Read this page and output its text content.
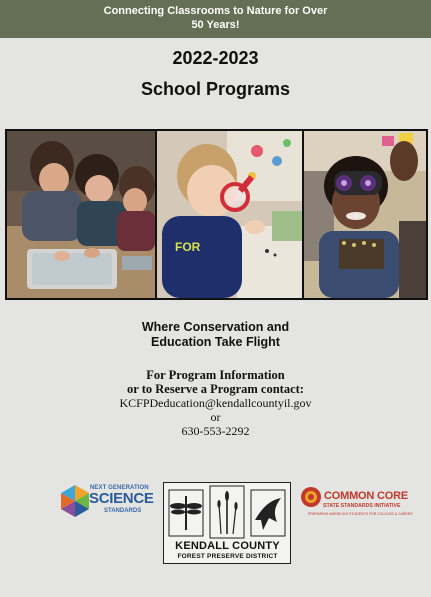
Connecting Classrooms to Nature for Over
50 Years!
2022-2023
School Programs
FOR
Where Conservation and
Education Take Flight
For Program Information
or to Reserve a Program contact:
KCFPDeducation@kendallcountyil.gov
or
630-553-2292
NEXT GENERATION
SCIENCE
STANDARDS
KENDALL COUNTY
FOREST PRESERVE DISTRICT
COMMON CORE
STATE STANDARDS INITIATIVE
PREPARING AMERICA'S STUDENTS FOR COLLEGE & CAREER
